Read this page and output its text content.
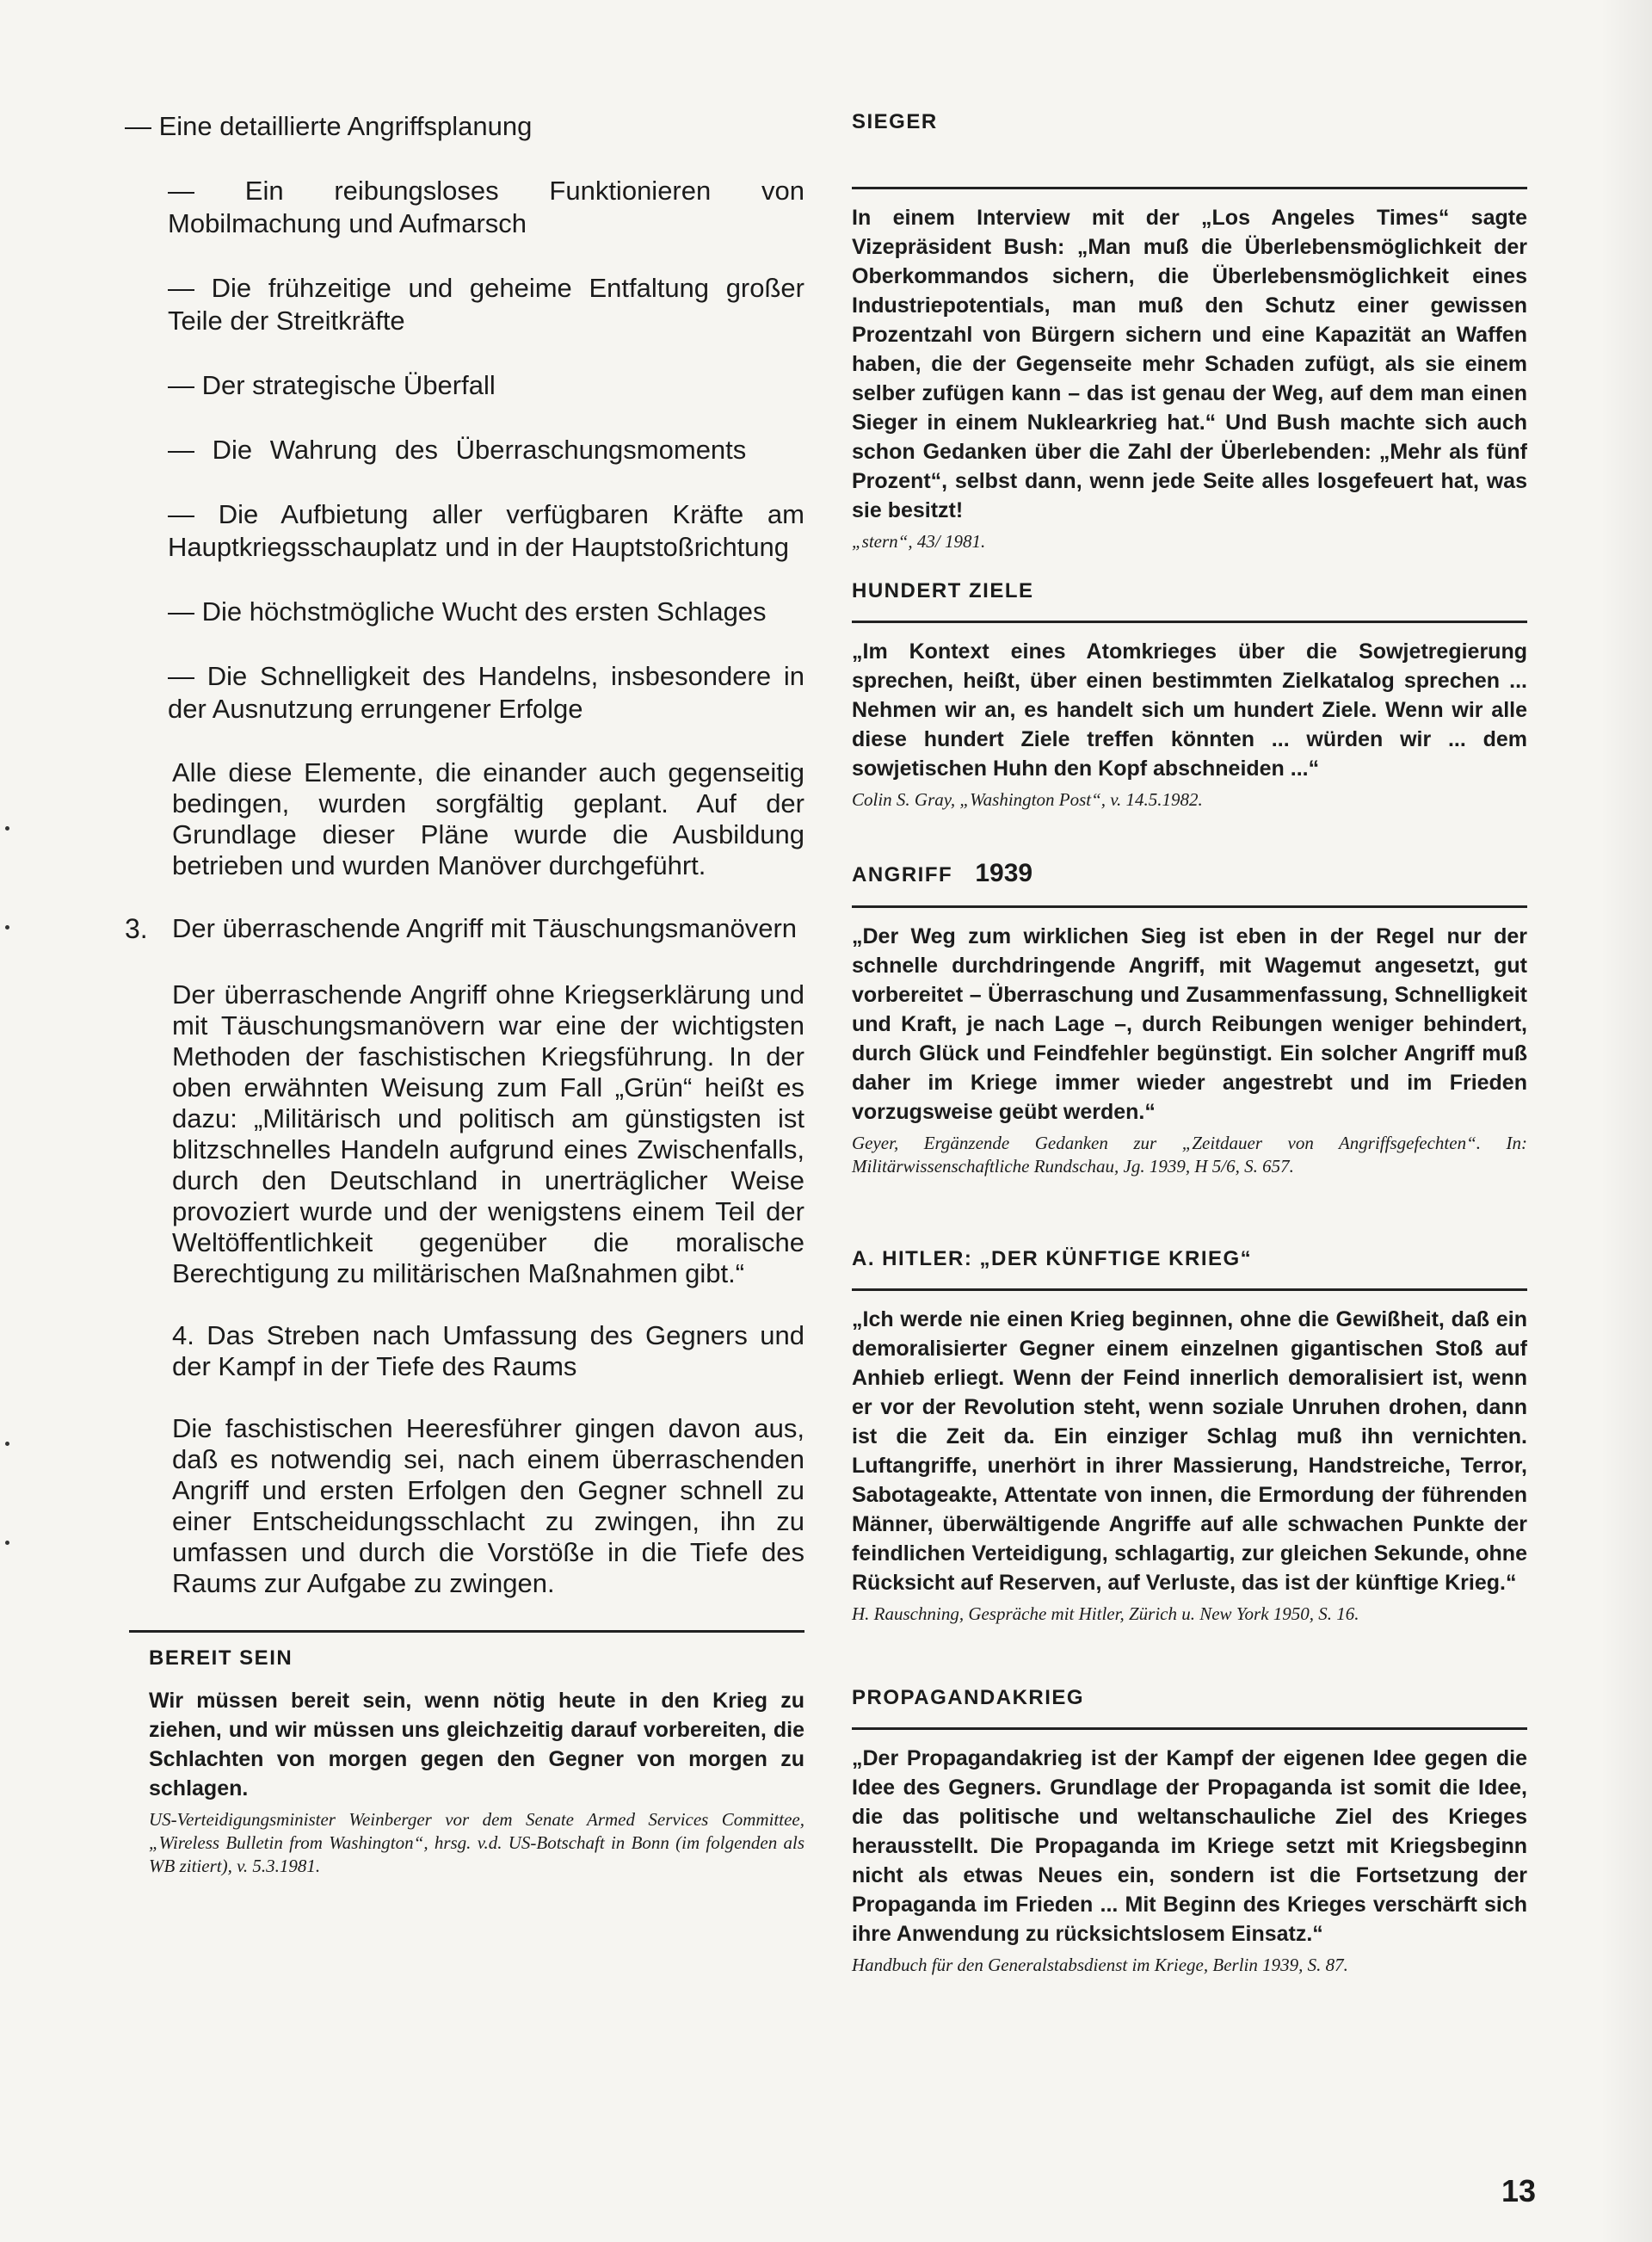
— Eine detaillierte Angriffsplanung

— Ein reibungsloses Funktionieren von Mobilmachung und Aufmarsch

— Die frühzeitige und geheime Entfaltung großer Teile der Streitkräfte

— Der strategische Überfall

— Die Wahrung des Überraschungsmoments

— Die Aufbietung aller verfügbaren Kräfte am Hauptkriegsschauplatz und in der Hauptstoßrichtung

— Die höchstmögliche Wucht des ersten Schlages

— Die Schnelligkeit des Handelns, insbesondere in der Ausnutzung errungener Erfolge

Alle diese Elemente, die einander auch gegenseitig bedingen, wurden sorgfältig geplant. Auf der Grundlage dieser Pläne wurde die Ausbildung betrieben und wurden Manöver durchgeführt.

3. Der überraschende Angriff mit Täuschungsmanövern

Der überraschende Angriff ohne Kriegserklärung und mit Täuschungsmanövern war eine der wichtigsten Methoden der faschistischen Kriegsführung. In der oben erwähnten Weisung zum Fall „Grün“ heißt es dazu: „Militärisch und politisch am günstigsten ist blitzschnelles Handeln aufgrund eines Zwischenfalls, durch den Deutschland in unerträglicher Weise provoziert wurde und der wenigstens einem Teil der Weltöffentlichkeit gegenüber die moralische Berechtigung zu militärischen Maßnahmen gibt.“

4. Das Streben nach Umfassung des Gegners und der Kampf in der Tiefe des Raums

Die faschistischen Heeresführer gingen davon aus, daß es notwendig sei, nach einem überraschenden Angriff und ersten Erfolgen den Gegner schnell zu einer Entscheidungsschlacht zu zwingen, ihn zu umfassen und durch die Vorstöße in die Tiefe des Raums zur Aufgabe zu zwingen.

BEREIT SEIN

Wir müssen bereit sein, wenn nötig heute in den Krieg zu ziehen, und wir müssen uns gleichzeitig darauf vorbereiten, die Schlachten von morgen gegen den Gegner von morgen zu schlagen.

US-Verteidigungsminister Weinberger vor dem Senate Armed Services Committee, „Wireless Bulletin from Washington“, hrsg. v.d. US-Botschaft in Bonn (im folgenden als WB zitiert), v. 5.3.1981.

SIEGER

In einem Interview mit der „Los Angeles Times“ sagte Vizepräsident Bush: „Man muß die Überlebensmöglichkeit der Oberkommandos sichern, die Überlebensmöglichkeit eines Industriepotentials, man muß den Schutz einer gewissen Prozentzahl von Bürgern sichern und eine Kapazität an Waffen haben, die der Gegenseite mehr Schaden zufügt, als sie einem selber zufügen kann – das ist genau der Weg, auf dem man einen Sieger in einem Nuklearkrieg hat.“ Und Bush machte sich auch schon Gedanken über die Zahl der Überlebenden: „Mehr als fünf Prozent“, selbst dann, wenn jede Seite alles losgefeuert hat, was sie besitzt!

„stern“, 43/ 1981.

HUNDERT ZIELE

„Im Kontext eines Atomkrieges über die Sowjetregierung sprechen, heißt, über einen bestimmten Zielkatalog sprechen ... Nehmen wir an, es handelt sich um hundert Ziele. Wenn wir alle diese hundert Ziele treffen könnten ... würden wir ... dem sowjetischen Huhn den Kopf abschneiden ...“

Colin S. Gray, „Washington Post“, v. 14.5.1982.

ANGRIFF 1939

„Der Weg zum wirklichen Sieg ist eben in der Regel nur der schnelle durchdringende Angriff, mit Wagemut angesetzt, gut vorbereitet – Überraschung und Zusammenfassung, Schnelligkeit und Kraft, je nach Lage –, durch Reibungen weniger behindert, durch Glück und Feindfehler begünstigt. Ein solcher Angriff muß daher im Kriege immer wieder angestrebt und im Frieden vorzugsweise geübt werden.“

Geyer, Ergänzende Gedanken zur „Zeitdauer von Angriffsgefechten“. In: Militärwissenschaftliche Rundschau, Jg. 1939, H 5/6, S. 657.

A. HITLER: „DER KÜNFTIGE KRIEG“

„Ich werde nie einen Krieg beginnen, ohne die Gewißheit, daß ein demoralisierter Gegner einem einzelnen gigantischen Stoß auf Anhieb erliegt. Wenn der Feind innerlich demoralisiert ist, wenn er vor der Revolution steht, wenn soziale Unruhen drohen, dann ist die Zeit da. Ein einziger Schlag muß ihn vernichten. Luftangriffe, unerhört in ihrer Massierung, Handstreiche, Terror, Sabotageakte, Attentate von innen, die Ermordung der führenden Männer, überwältigende Angriffe auf alle schwachen Punkte der feindlichen Verteidigung, schlagartig, zur gleichen Sekunde, ohne Rücksicht auf Reserven, auf Verluste, das ist der künftige Krieg.“

H. Rauschning, Gespräche mit Hitler, Zürich u. New York 1950, S. 16.

PROPAGANDAKRIEG

„Der Propagandakrieg ist der Kampf der eigenen Idee gegen die Idee des Gegners. Grundlage der Propaganda ist somit die Idee, die das politische und weltanschauliche Ziel des Krieges herausstellt. Die Propaganda im Kriege setzt mit Kriegsbeginn nicht als etwas Neues ein, sondern ist die Fortsetzung der Propaganda im Frieden ... Mit Beginn des Krieges verschärft sich ihre Anwendung zu rücksichtslosem Einsatz.“

Handbuch für den Generalstabsdienst im Kriege, Berlin 1939, S. 87.

13
